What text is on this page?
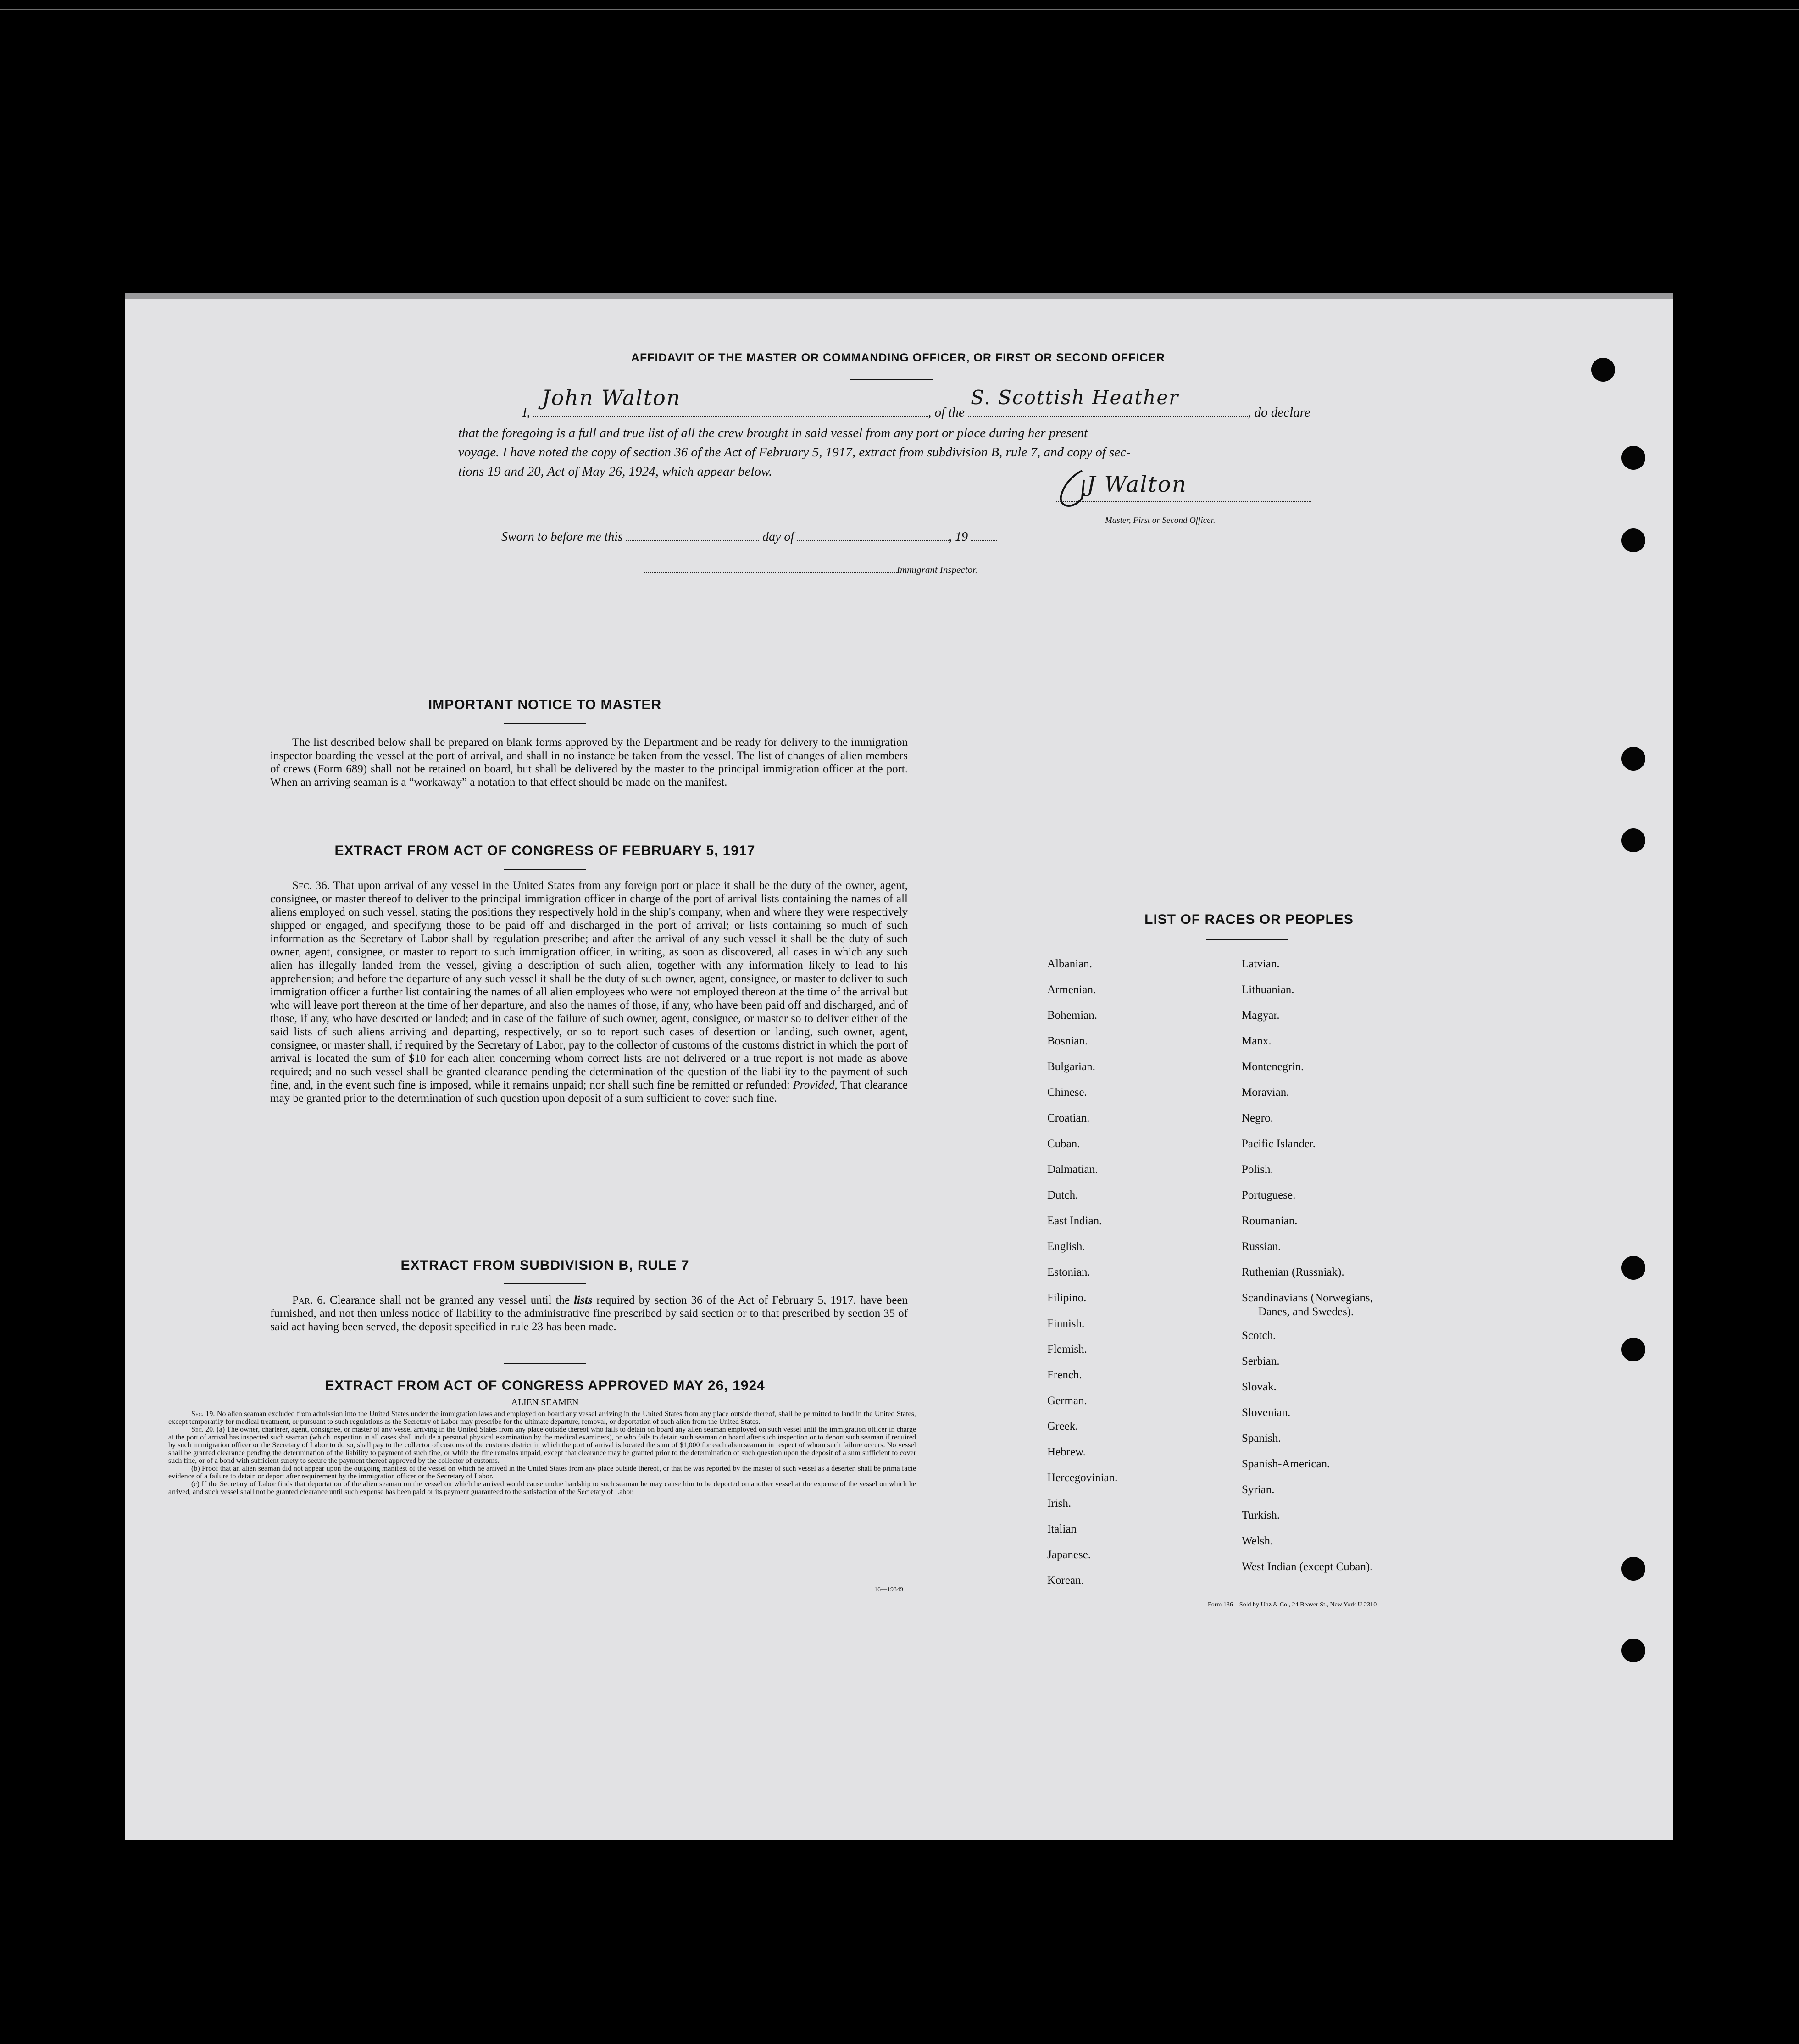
AFFIDAVIT OF THE MASTER OR COMMANDING OFFICER, OR FIRST OR SECOND OFFICER
I,
John Walton
, of the
S. Scottish Heather
, do declare
that the foregoing is a full and true list of all the crew brought in said vessel from any port or place during her present
voyage. I have noted the copy of section 36 of the Act of February 5, 1917, extract from subdivision B, rule 7, and copy of sec-
tions 19 and 20, Act of May 26, 1924, which appear below.	J Walton
Master, First or Second Officer.
Sworn to before me this	day of	, 19
Immigrant Inspector.
IMPORTANT NOTICE TO MASTER
The list described below shall be prepared on blank forms approved by the Department and be ready for delivery to the immigration inspector boarding the vessel at the port of arrival, and shall in no instance be taken from the vessel. The list of changes of alien members of crews (Form 689) shall not be retained on board, but shall be delivered by the master to the principal immigration officer at the port. When an arriving seaman is a “workaway” a notation to that effect should be made on the manifest.
EXTRACT FROM ACT OF CONGRESS OF FEBRUARY 5, 1917
Sec. 36. That upon arrival of any vessel in the United States from any foreign port or place it shall be the duty of the owner, agent, consignee, or master thereof to deliver to the principal immigration officer in charge of the port of arrival lists containing the names of all aliens employed on such vessel, stating the positions they respectively hold in the ship's company, when and where they were respectively shipped or engaged, and specifying those to be paid off and discharged in the port of arrival; or lists containing so much of such information as the Secretary of Labor shall by regulation prescribe; and after the arrival of any such vessel it shall be the duty of such owner, agent, consignee, or master to report to such immigration officer, in writing, as soon as discovered, all cases in which any such alien has illegally landed from the vessel, giving a description of such alien, together with any information likely to lead to his apprehension; and before the departure of any such vessel it shall be the duty of such owner, agent, consignee, or master to deliver to such immigration officer a further list containing the names of all alien employees who were not employed thereon at the time of the arrival but who will leave port thereon at the time of her departure, and also the names of those, if any, who have been paid off and discharged, and of those, if any, who have deserted or landed; and in case of the failure of such owner, agent, consignee, or master so to deliver either of the said lists of such aliens arriving and departing, respectively, or so to report such cases of desertion or landing, such owner, agent, consignee, or master shall, if required by the Secretary of Labor, pay to the collector of customs of the customs district in which the port of arrival is located the sum of $10 for each alien concerning whom correct lists are not delivered or a true report is not made as above required; and no such vessel shall be granted clearance pending the determination of the question of the liability to the payment of such fine, and, in the event such fine is imposed, while it remains unpaid; nor shall such fine be remitted or refunded: Provided, That clearance may be granted prior to the determination of such question upon deposit of a sum sufficient to cover such fine.
EXTRACT FROM SUBDIVISION B, RULE 7
Par. 6. Clearance shall not be granted any vessel until the lists required by section 36 of the Act of February 5, 1917, have been furnished, and not then unless notice of liability to the administrative fine prescribed by said section or to that prescribed by section 35 of said act having been served, the deposit specified in rule 23 has been made.
EXTRACT FROM ACT OF CONGRESS APPROVED MAY 26, 1924
ALIEN SEAMEN
Sec. 19. No alien seaman excluded from admission into the United States under the immigration laws and employed on board any vessel arriving in the United States from any place outside thereof, shall be permitted to land in the United States, except temporarily for medical treatment, or pursuant to such regulations as the Secretary of Labor may prescribe for the ultimate departure, removal, or deportation of such alien from the United States.
Sec. 20. (a) The owner, charterer, agent, consignee, or master of any vessel arriving in the United States from any place outside thereof who fails to detain on board any alien seaman employed on such vessel until the immigration officer in charge at the port of arrival has inspected such seaman (which inspection in all cases shall include a personal physical examination by the medical examiners), or who fails to detain such seaman on board after such inspection or to deport such seaman if required by such immigration officer or the Secretary of Labor to do so, shall pay to the collector of customs of the customs district in which the port of arrival is located the sum of $1,000 for each alien seaman in respect of whom such failure occurs. No vessel shall be granted clearance pending the determination of the liability to payment of such fine, or while the fine remains unpaid, except that clearance may be granted prior to the determination of such question upon the deposit of a sum sufficient to cover such fine, or of a bond with sufficient surety to secure the payment thereof approved by the collector of customs.
(b) Proof that an alien seaman did not appear upon the outgoing manifest of the vessel on which he arrived in the United States from any place outside thereof, or that he was reported by the master of such vessel as a deserter, shall be prima facie evidence of a failure to detain or deport after requirement by the immigration officer or the Secretary of Labor.
(c) If the Secretary of Labor finds that deportation of the alien seaman on the vessel on which he arrived would cause undue hardship to such seaman he may cause him to be deported on another vessel at the expense of the vessel on which he arrived, and such vessel shall not be granted clearance until such expense has been paid or its payment guaranteed to the satisfaction of the Secretary of Labor.
16—19349
LIST OF RACES OR PEOPLES
Albanian.
Armenian.
Bohemian.
Bosnian.
Bulgarian.
Chinese.
Croatian.
Cuban.
Dalmatian.
Dutch.
East Indian.
English.
Estonian.
Filipino.
Finnish.
Flemish.
French.
German.
Greek.
Hebrew.
Hercegovinian.
Irish.
Italian
Japanese.
Korean.
Latvian.
Lithuanian.
Magyar.
Manx.
Montenegrin.
Moravian.
Negro.
Pacific Islander.
Polish.
Portuguese.
Roumanian.
Russian.
Ruthenian (Russniak).
Scandinavians (Norwegians,
Danes, and Swedes).
Scotch.
Serbian.
Slovak.
Slovenian.
Spanish.
Spanish-American.
Syrian.
Turkish.
Welsh.
West Indian (except Cuban).
Form 136—Sold by Unz & Co., 24 Beaver St., New York U 2310
